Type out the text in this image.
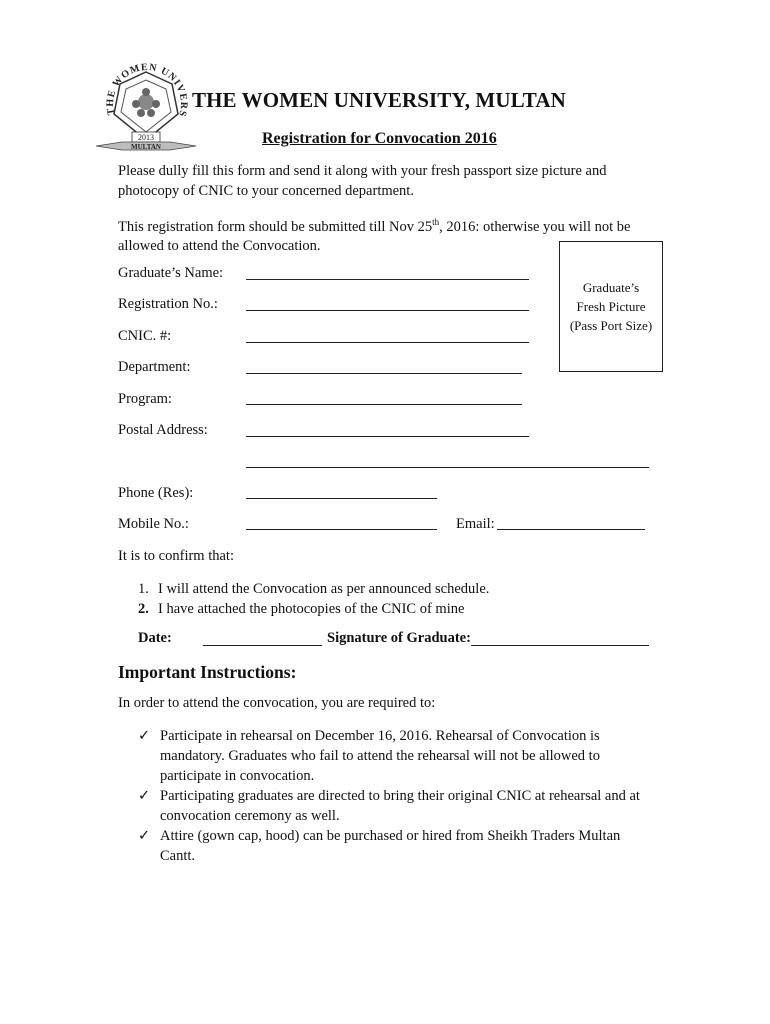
THE WOMEN UNIVERS
2013
MULTAN
THE WOMEN UNIVERSITY, MULTAN
Registration for Convocation 2016
Please dully fill this form and send it along with your fresh passport size picture and photocopy of CNIC to your concerned department.
This registration form should be submitted till Nov 25th, 2016: otherwise you will not be allowed to attend the Convocation.
Graduate’s
Fresh Picture
(Pass Port Size)
Graduate’s Name:
Registration No.:
CNIC. #:
Department:
Program:
Postal Address:
Phone (Res):
Mobile No.:	Email:
It is to confirm that:
1. I will attend the Convocation as per announced schedule.
2. I have attached the photocopies of the CNIC of mine
Date:	Signature of Graduate:
Important Instructions:
In order to attend the convocation, you are required to:
✓ Participate in rehearsal on December 16, 2016. Rehearsal of Convocation is mandatory. Graduates who fail to attend the rehearsal will not be allowed to participate in convocation.
✓ Participating graduates are directed to bring their original CNIC at rehearsal and at convocation ceremony as well.
✓ Attire (gown cap, hood) can be purchased or hired from Sheikh Traders Multan Cantt.
